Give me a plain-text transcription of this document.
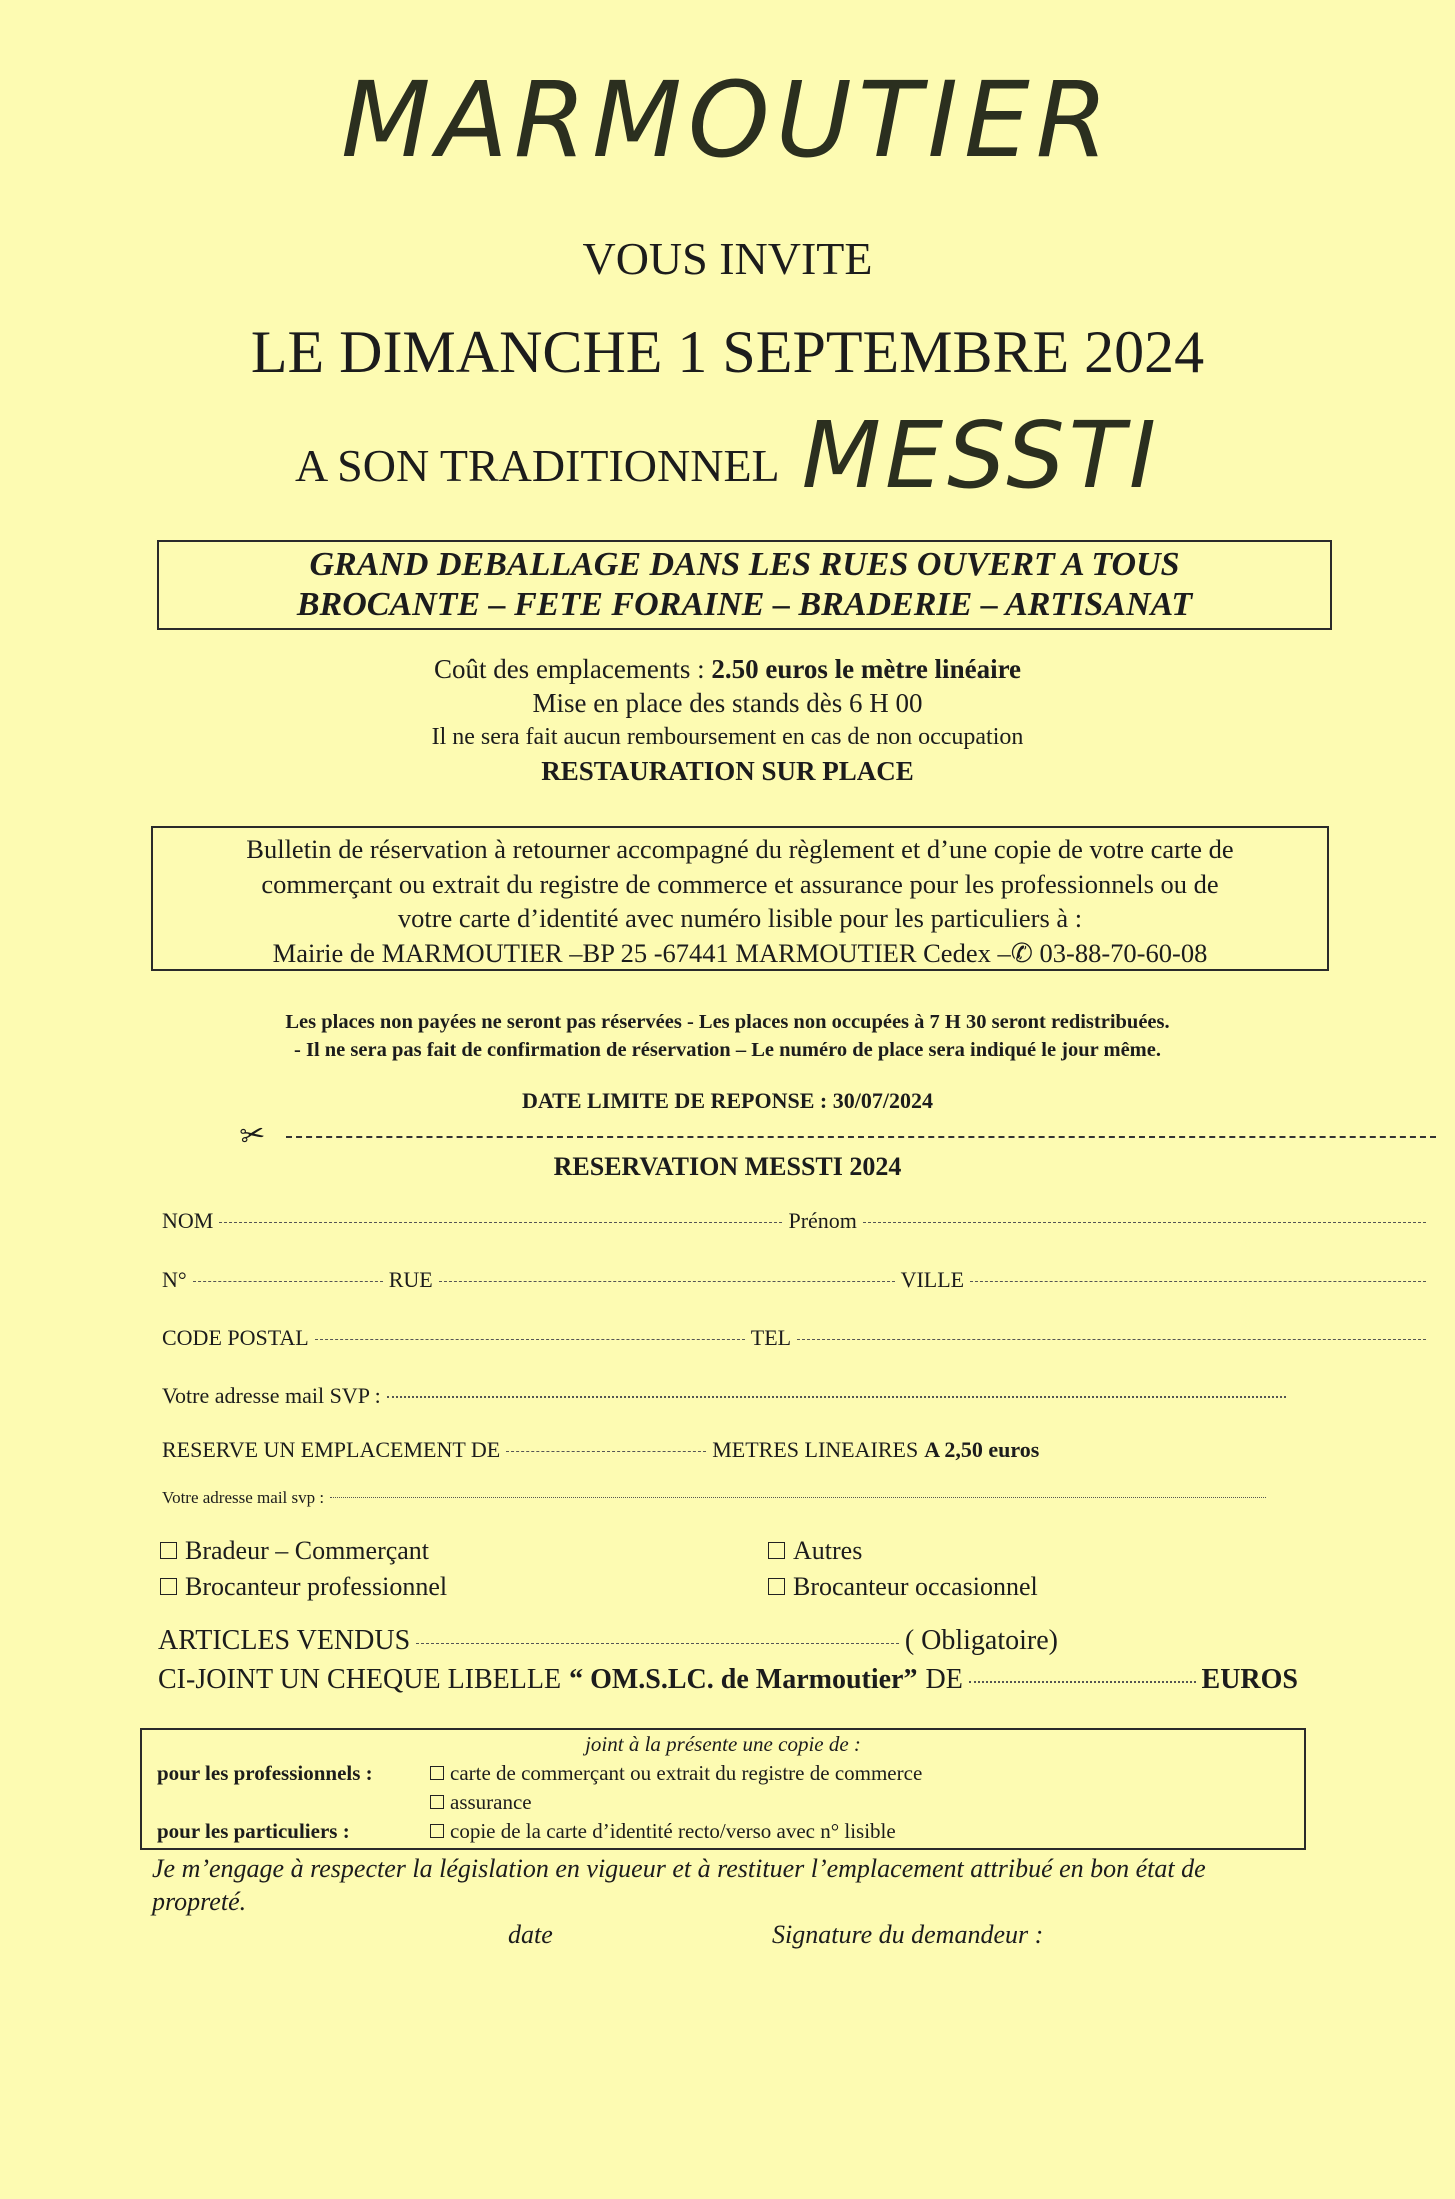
MARMOUTIER
VOUS INVITE
LE DIMANCHE 1 SEPTEMBRE 2024
A SON TRADITIONNEL MESSTI
GRAND DEBALLAGE DANS LES RUES OUVERT A TOUS
BROCANTE – FETE FORAINE – BRADERIE – ARTISANAT
Coût des emplacements : 2.50 euros le mètre linéaire
Mise en place des stands dès 6 H 00
Il ne sera fait aucun remboursement en cas de non occupation
RESTAURATION SUR PLACE
Bulletin de réservation à retourner accompagné du règlement et d’une copie de votre carte de
commerçant ou extrait du registre de commerce et assurance pour les professionnels ou de
votre carte d’identité avec numéro lisible pour les particuliers à :
Mairie de MARMOUTIER –BP 25 -67441 MARMOUTIER Cedex –✆ 03-88-70-60-08
Les places non payées ne seront pas réservées - Les places non occupées à 7 H 30 seront redistribuées.
- Il ne sera pas fait de confirmation de réservation – Le numéro de place sera indiqué le jour même.
DATE LIMITE DE REPONSE : 30/07/2024
✂
RESERVATION MESSTI 2024
NOM	Prénom
N°	RUE	VILLE
CODE POSTAL	TEL
Votre adresse mail SVP :
RESERVE UN EMPLACEMENT DE	METRES LINEAIRES A 2,50 euros
Votre adresse mail svp :
Bradeur – Commerçant
Brocanteur professionnel
Autres
Brocanteur occasionnel
ARTICLES VENDUS	( Obligatoire)
CI-JOINT UN CHEQUE LIBELLE “ OM.S.LC. de Marmoutier” DE	EUROS
joint à la présente une copie de :
pour les professionnels :	carte de commerçant ou extrait du registre de commerce
assurance
pour les particuliers :	copie de la carte d’identité recto/verso avec n° lisible
Je m’engage à respecter la législation en vigueur et à restituer l’emplacement attribué en bon état de propreté.
date	Signature du demandeur :
